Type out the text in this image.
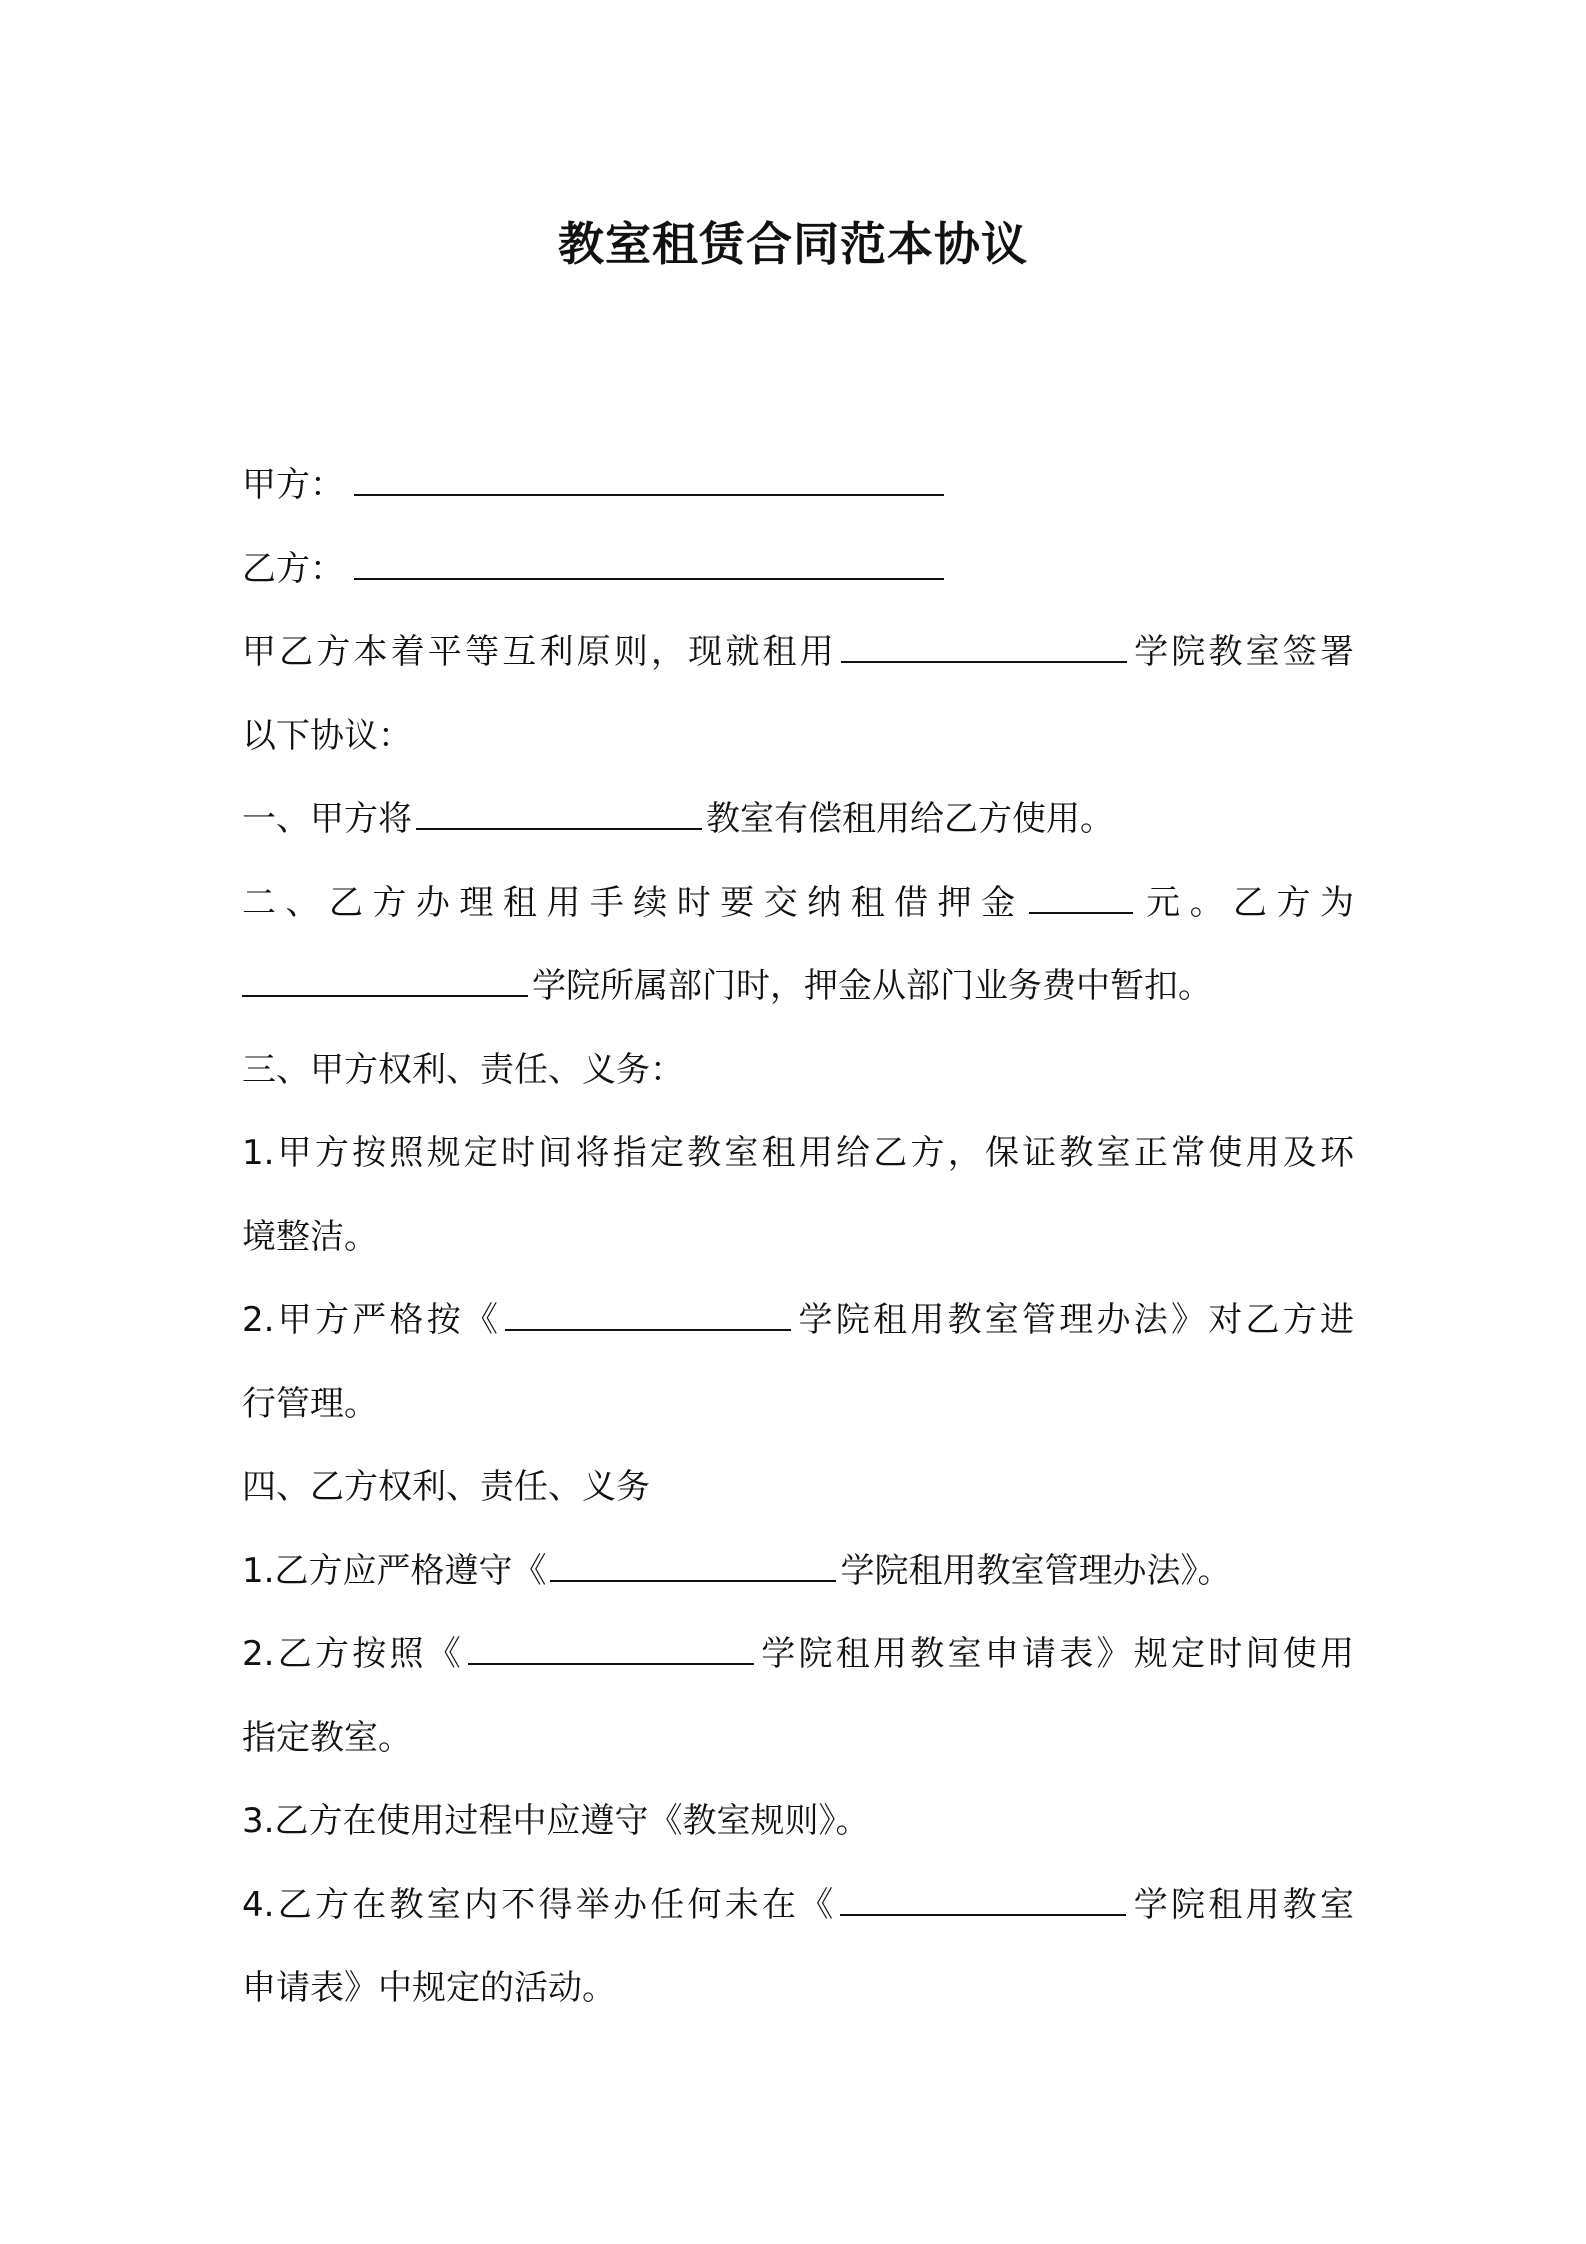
教室租赁合同范本协议
甲方：
乙方：
甲乙方本着平等互利原则，现就租用	学院教室签署
以下协议：
一、甲方将	教室有偿租用给乙方使用。
二、乙方办理租用手续时要交纳租借押金	元。乙方为
学院所属部门时，押金从部门业务费中暂扣。
三、甲方权利、责任、义务：
1.甲方按照规定时间将指定教室租用给乙方，保证教室正常使用及环
境整洁。
2.甲方严格按《	学院租用教室管理办法》对乙方进
行管理。
四、乙方权利、责任、义务
1.乙方应严格遵守《	学院租用教室管理办法》。
2.乙方按照《	学院租用教室申请表》规定时间使用
指定教室。
3.乙方在使用过程中应遵守《教室规则》。
4.乙方在教室内不得举办任何未在《	学院租用教室
申请表》中规定的活动。
